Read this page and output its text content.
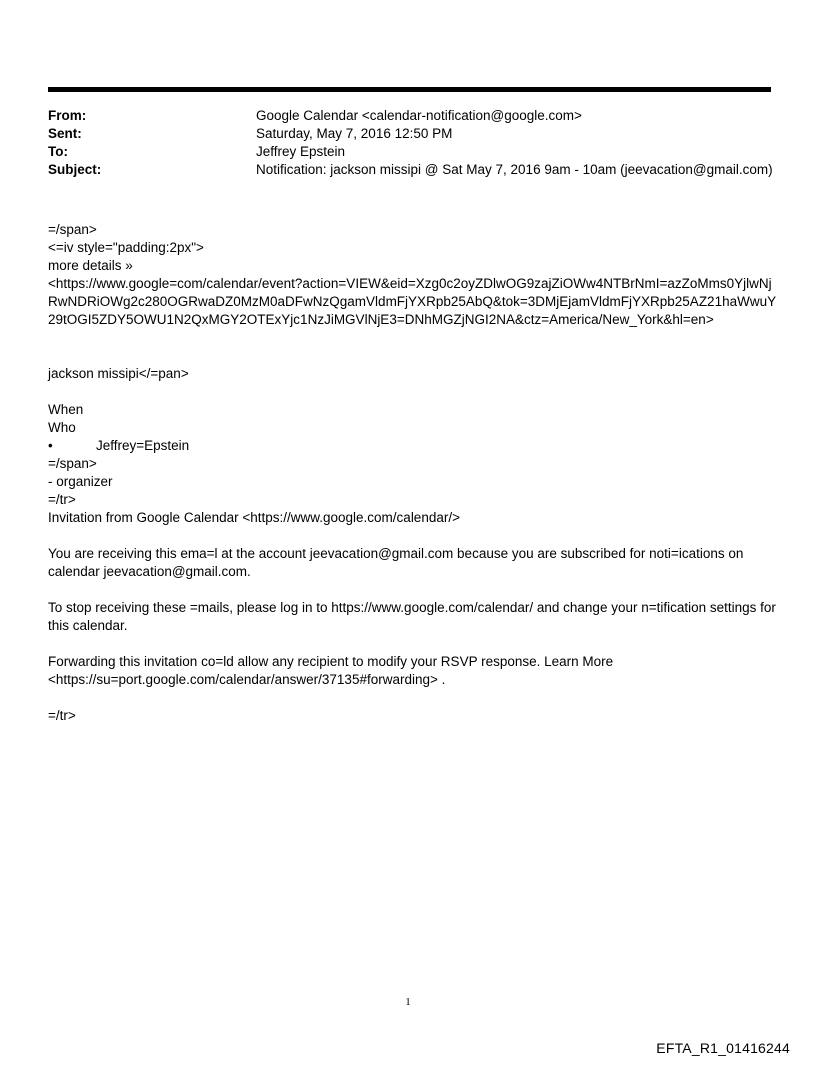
From:	Google Calendar <calendar-notification@google.com>
Sent:	Saturday, May 7, 2016 12:50 PM
To:	Jeffrey Epstein
Subject:	Notification: jackson missipi @ Sat May 7, 2016 9am - 10am (jeevacation@gmail.com)
=/span>
<=iv style="padding:2px">
more details »
<https://www.google=com/calendar/event?action=VIEW&eid=Xzg0c2oyZDlwOG9zajZiOWw4NTBrNmI=azZoMms0YjlwNjRwNDRiOWg2c280OGRwaDZ0MzM0aDFwNzQgamVldmFjYXRpb25AbQ&tok=3DMjEjamVldmFjYXRpb25AZ21haWwuY29tOGI5ZDY5OWU1N2QxMGY2OTExYjc1NzJiMGVlNjE3=DNhMGZjNGI2NA&ctz=America/New_York&hl=en>
jackson missipi</=pan>
When
Who
•	Jeffrey=Epstein
=/span>
- organizer
=/tr>
Invitation from Google Calendar <https://www.google.com/calendar/>
You are receiving this ema=l at the account jeevacation@gmail.com because you are subscribed for noti=ications on calendar jeevacation@gmail.com.
To stop receiving these =mails, please log in to https://www.google.com/calendar/ and change your n=tification settings for this calendar.
Forwarding this invitation co=ld allow any recipient to modify your RSVP response. Learn More <https://su=port.google.com/calendar/answer/37135#forwarding> .
=/tr>
1
EFTA_R1_01416244
